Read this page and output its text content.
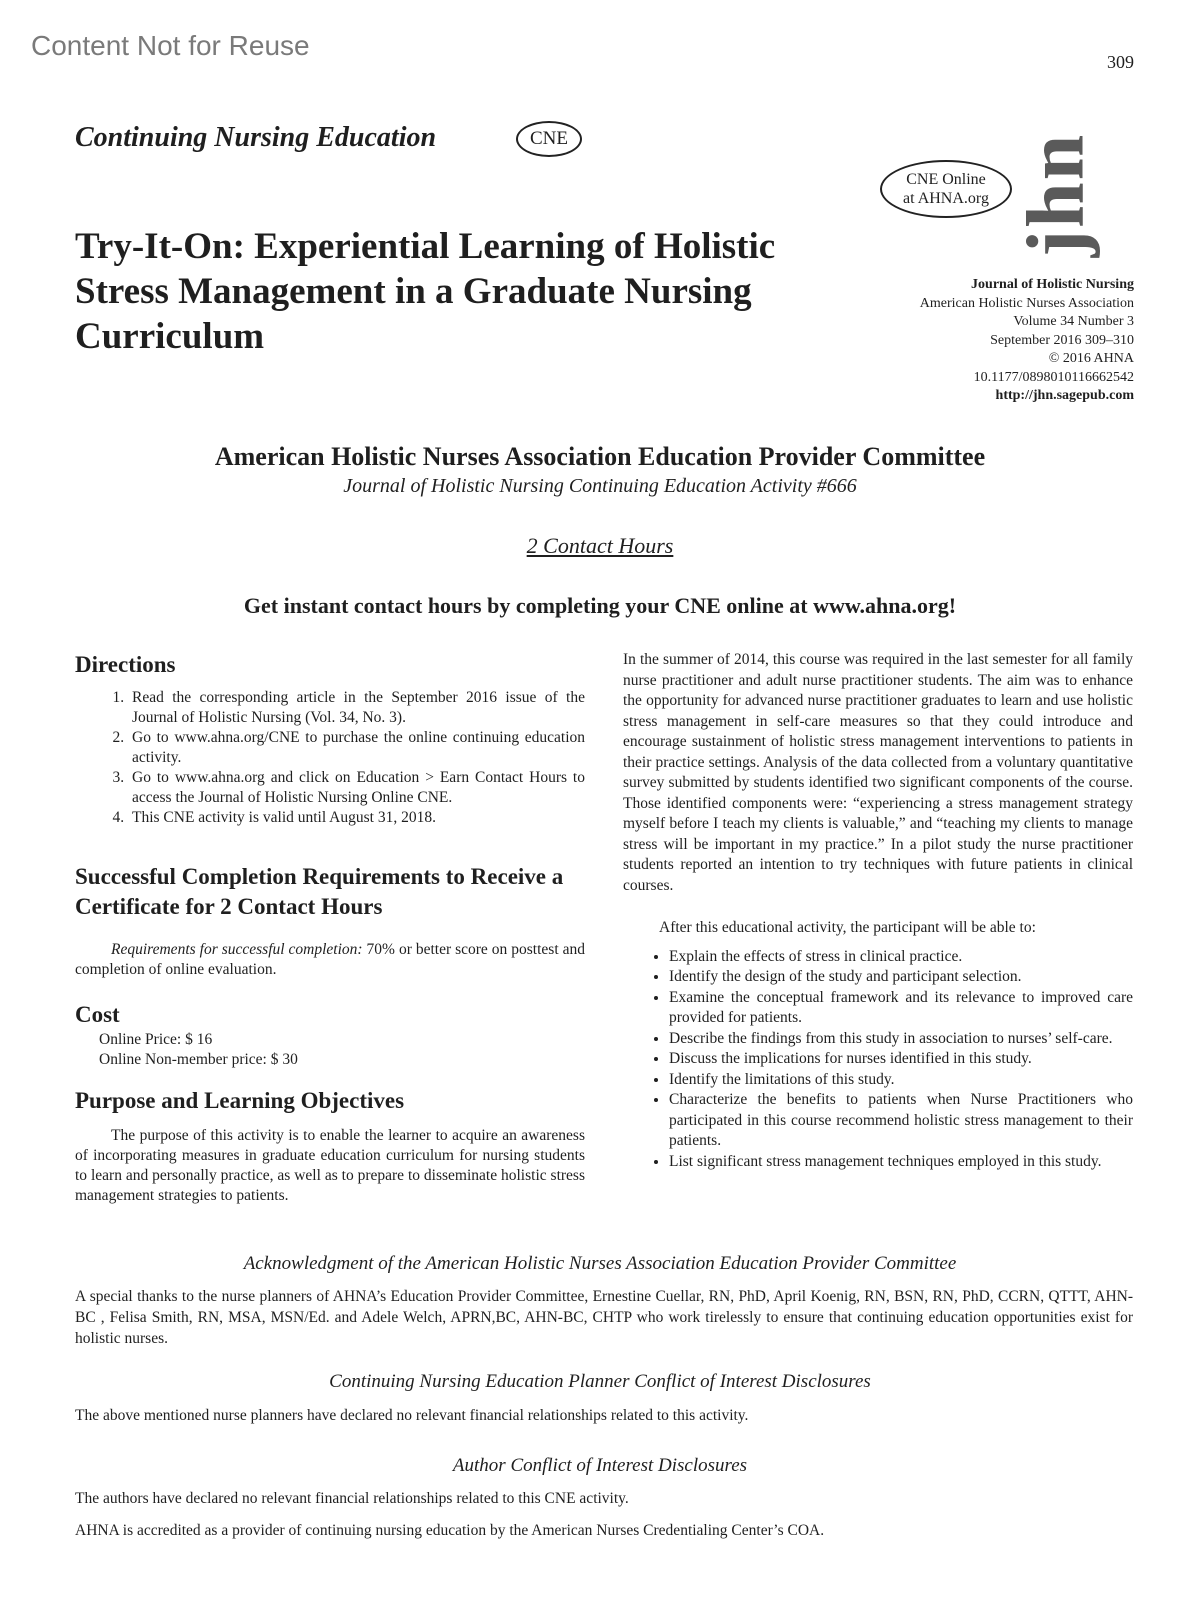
Content Not for Reuse
309
Continuing Nursing Education	CNE
Try-It-On: Experiential Learning of Holistic Stress Management in a Graduate Nursing Curriculum
CNE Online
at AHNA.org jhn
Journal of Holistic Nursing
American Holistic Nurses Association
Volume 34 Number 3
September 2016 309–310
© 2016 AHNA
10.1177/0898010116662542
http://jhn.sagepub.com
American Holistic Nurses Association Education Provider Committee
Journal of Holistic Nursing Continuing Education Activity #666
2 Contact Hours
Get instant contact hours by completing your CNE online at www.ahna.org!
Directions
1. Read the corresponding article in the September 2016 issue of the Journal of Holistic Nursing (Vol. 34, No. 3).
2. Go to www.ahna.org/CNE to purchase the online continuing education activity.
3. Go to www.ahna.org and click on Education > Earn Contact Hours to access the Journal of Holistic Nursing Online CNE.
4. This CNE activity is valid until August 31, 2018.
Successful Completion Requirements to Receive a Certificate for 2 Contact Hours

Requirements for successful completion: 70% or better score on posttest and completion of online evaluation.

Cost
Online Price: $ 16
Online Non-member price: $ 30
Purpose and Learning Objectives

The purpose of this activity is to enable the learner to acquire an awareness of incorporating measures in graduate education curriculum for nursing students to learn and personally practice, as well as to prepare to disseminate holistic stress management strategies to patients.

In the summer of 2014, this course was required in the last semester for all family nurse practitioner and adult nurse practitioner students. The aim was to enhance the opportunity for advanced nurse practitioner graduates to learn and use holistic stress management in self-care measures so that they could introduce and encourage sustainment of holistic stress management interventions to patients in their practice settings. Analysis of the data collected from a voluntary quantitative survey submitted by students identified two significant components of the course. Those identified components were: “experiencing a stress management strategy myself before I teach my clients is valuable,” and “teaching my clients to manage stress will be important in my practice.” In a pilot study the nurse practitioner students reported an intention to try techniques with future patients in clinical courses.

After this educational activity, the participant will be able to:

• Explain the effects of stress in clinical practice.
• Identify the design of the study and participant selection.
• Examine the conceptual framework and its relevance to improved care provided for patients.
• Describe the findings from this study in association to nurses’ self-care.
• Discuss the implications for nurses identified in this study.
• Identify the limitations of this study.
• Characterize the benefits to patients when Nurse Practitioners who participated in this course recommend holistic stress management to their patients.
• List significant stress management techniques employed in this study.
Acknowledgment of the American Holistic Nurses Association Education Provider Committee
A special thanks to the nurse planners of AHNA’s Education Provider Committee, Ernestine Cuellar, RN, PhD, April Koenig, RN, BSN, RN, PhD, CCRN, QTTT, AHN-BC , Felisa Smith, RN, MSA, MSN/Ed. and Adele Welch, APRN,BC, AHN-BC, CHTP who work tirelessly to ensure that continuing education opportunities exist for holistic nurses.
Continuing Nursing Education Planner Conflict of Interest Disclosures
The above mentioned nurse planners have declared no relevant financial relationships related to this activity.
Author Conflict of Interest Disclosures
The authors have declared no relevant financial relationships related to this CNE activity.
AHNA is accredited as a provider of continuing nursing education by the American Nurses Credentialing Center’s COA.
